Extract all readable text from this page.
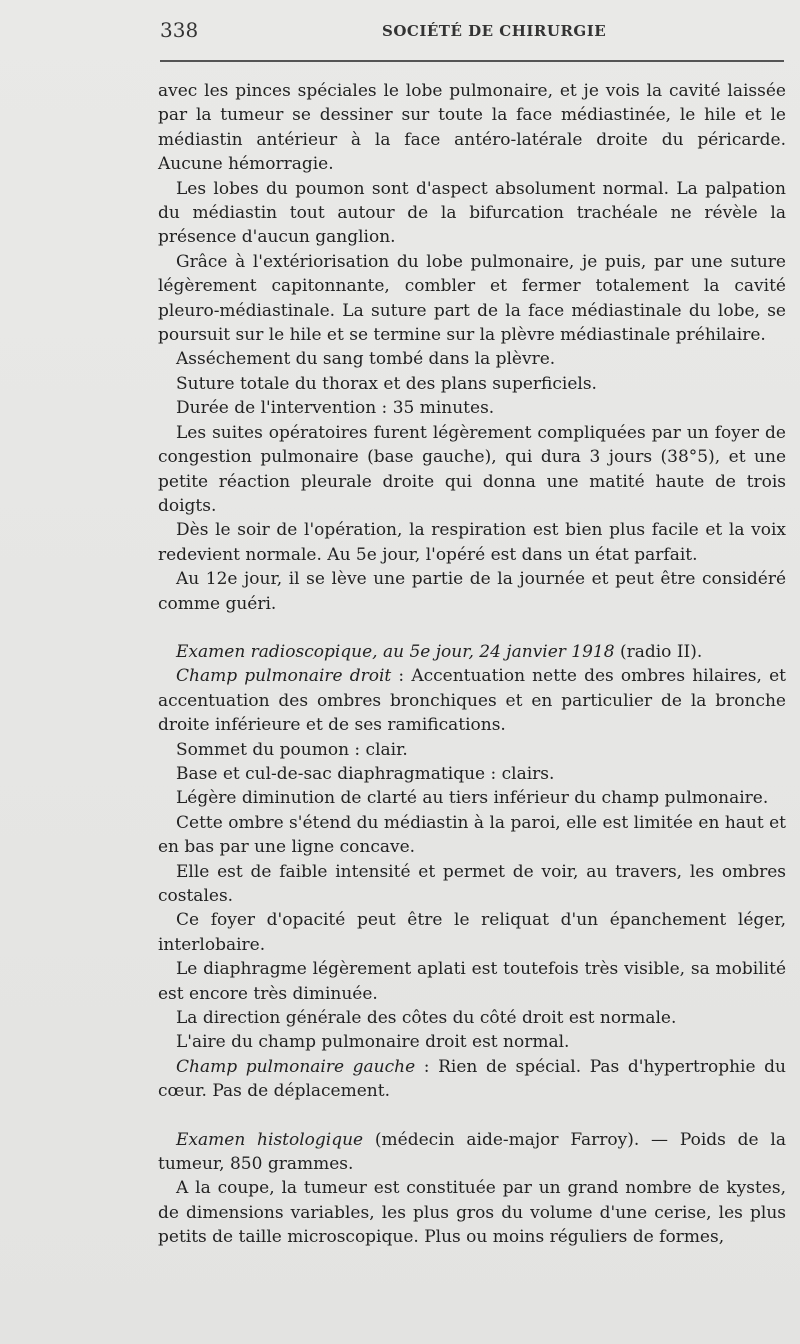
338	SOCIÉTÉ DE CHIRURGIE

avec les pinces spéciales le lobe pulmonaire, et je vois la cavité laissée par la tumeur se dessiner sur toute la face médiastinée, le hile et le médiastin antérieur à la face antéro-latérale droite du péricarde. Aucune hémorragie.

Les lobes du poumon sont d'aspect absolument normal. La palpation du médiastin tout autour de la bifurcation trachéale ne révèle la présence d'aucun ganglion.

Grâce à l'extériorisation du lobe pulmonaire, je puis, par une suture légèrement capitonnante, combler et fermer totalement la cavité pleuro-médiastinale. La suture part de la face médiastinale du lobe, se poursuit sur le hile et se termine sur la plèvre médiastinale préhilaire.

Asséchement du sang tombé dans la plèvre.

Suture totale du thorax et des plans superficiels.

Durée de l'intervention : 35 minutes.

Les suites opératoires furent légèrement compliquées par un foyer de congestion pulmonaire (base gauche), qui dura 3 jours (38°5), et une petite réaction pleurale droite qui donna une matité haute de trois doigts.

Dès le soir de l'opération, la respiration est bien plus facile et la voix redevient normale. Au 5e jour, l'opéré est dans un état parfait.

Au 12e jour, il se lève une partie de la journée et peut être considéré comme guéri.

Examen radioscopique, au 5e jour, 24 janvier 1918 (radio II).

Champ pulmonaire droit : Accentuation nette des ombres hilaires, et accentuation des ombres bronchiques et en particulier de la bronche droite inférieure et de ses ramifications.

Sommet du poumon : clair.

Base et cul-de-sac diaphragmatique : clairs.

Légère diminution de clarté au tiers inférieur du champ pulmonaire.

Cette ombre s'étend du médiastin à la paroi, elle est limitée en haut et en bas par une ligne concave.

Elle est de faible intensité et permet de voir, au travers, les ombres costales.

Ce foyer d'opacité peut être le reliquat d'un épanchement léger, interlobaire.

Le diaphragme légèrement aplati est toutefois très visible, sa mobilité est encore très diminuée.

La direction générale des côtes du côté droit est normale.

L'aire du champ pulmonaire droit est normal.

Champ pulmonaire gauche : Rien de spécial. Pas d'hypertrophie du cœur. Pas de déplacement.

Examen histologique (médecin aide-major Farroy). — Poids de la tumeur, 850 grammes.

A la coupe, la tumeur est constituée par un grand nombre de kystes, de dimensions variables, les plus gros du volume d'une cerise, les plus petits de taille microscopique. Plus ou moins réguliers de formes,
